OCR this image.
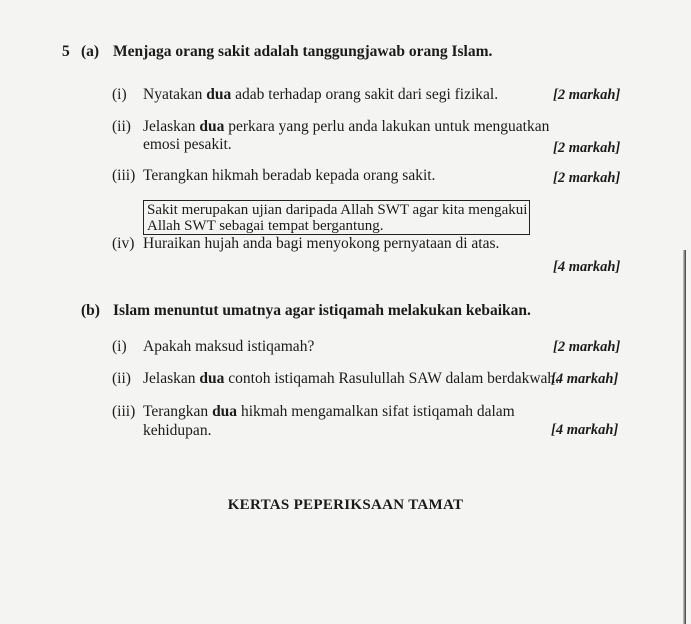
5 (a) Menjaga orang sakit adalah tanggungjawab orang Islam.
(i) Nyatakan dua adab terhadap orang sakit dari segi fizikal.	[2 markah]
(ii) Jelaskan dua perkara yang perlu anda lakukan untuk menguatkan
emosi pesakit.	[2 markah]
(iii) Terangkan hikmah beradab kepada orang sakit.	[2 markah]
Sakit merupakan ujian daripada Allah SWT agar kita mengakui
Allah SWT sebagai tempat bergantung.
(iv) Huraikan hujah anda bagi menyokong pernyataan di atas.
[4 markah]
(b) Islam menuntut umatnya agar istiqamah melakukan kebaikan.
(i) Apakah maksud istiqamah?	[2 markah]
(ii) Jelaskan dua contoh istiqamah Rasulullah SAW dalam berdakwah.
[4 markah]
(iii) Terangkan dua hikmah mengamalkan sifat istiqamah dalam
kehidupan.	[4 markah]
KERTAS PEPERIKSAAN TAMAT
